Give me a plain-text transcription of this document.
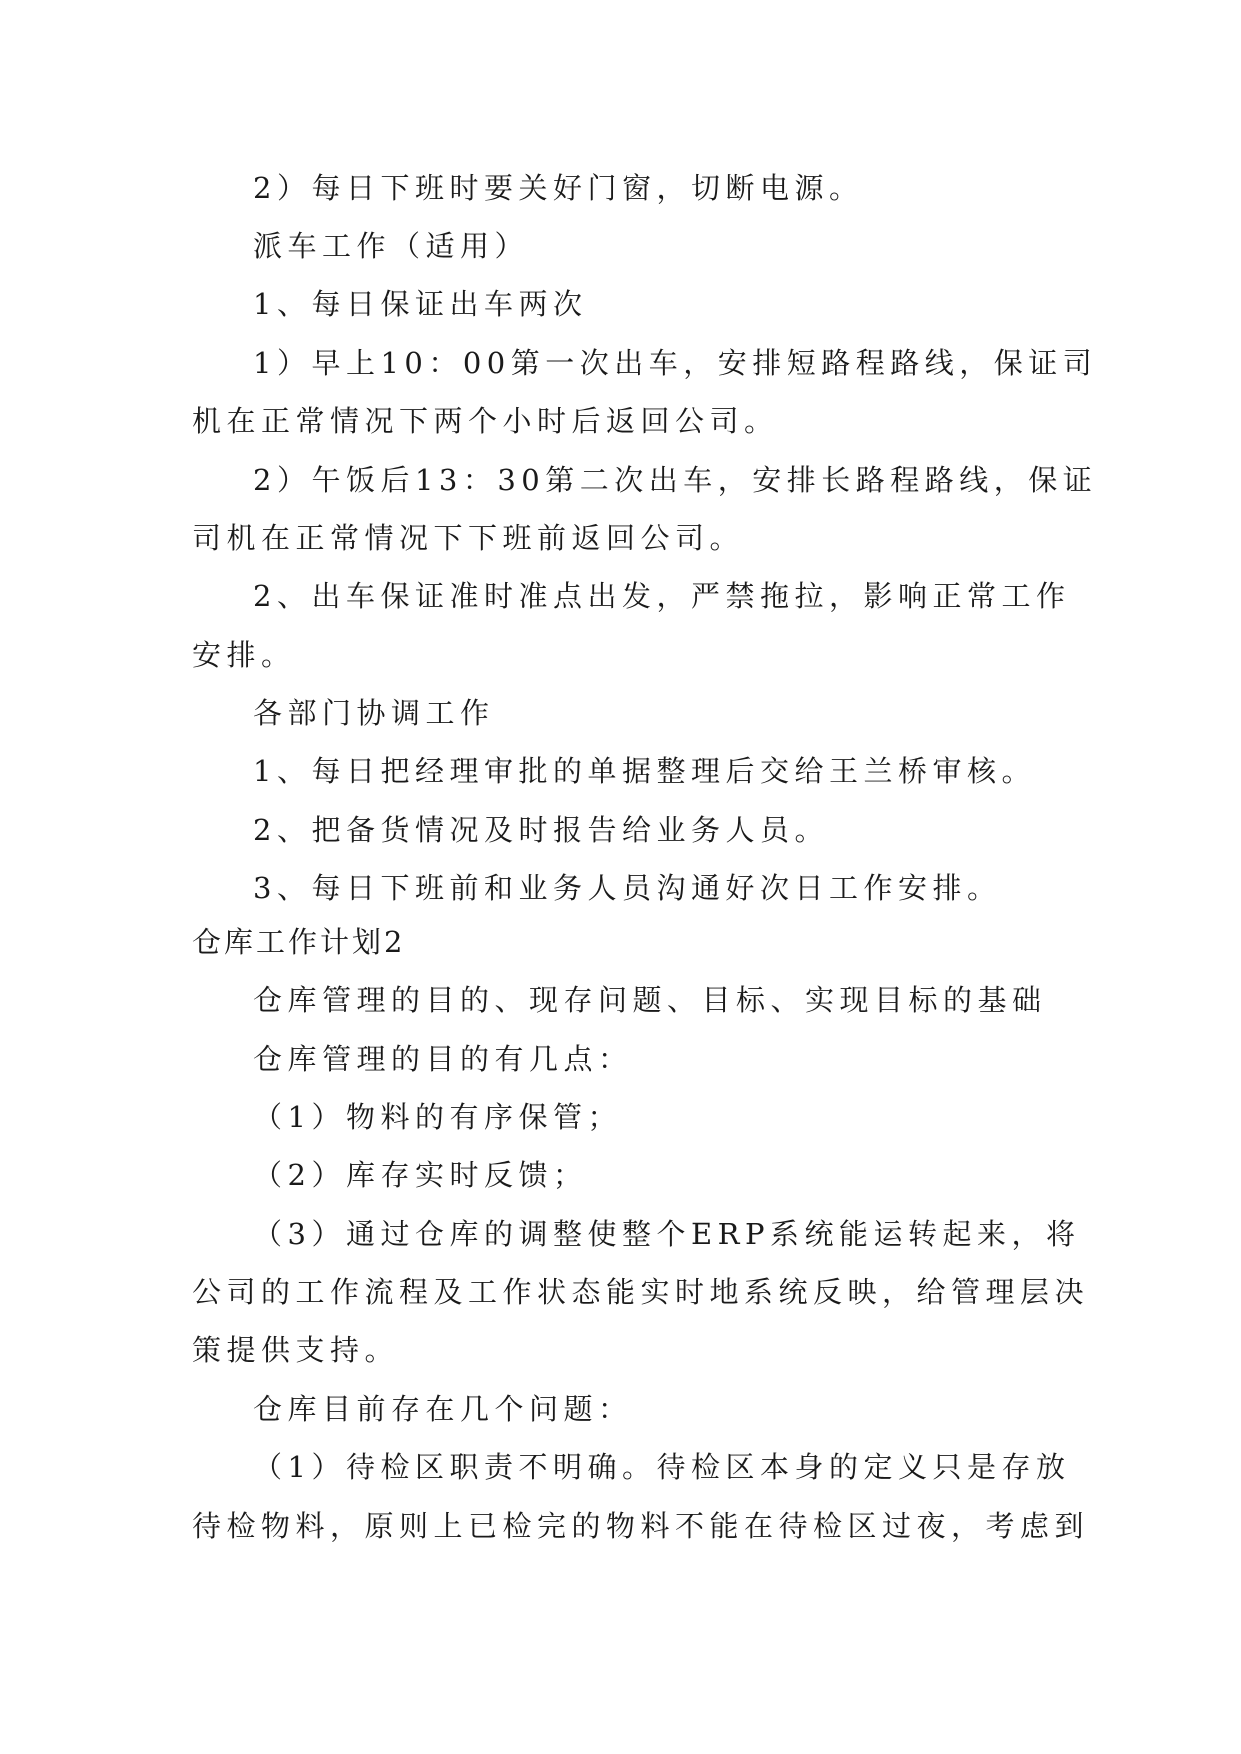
2）每日下班时要关好门窗，切断电源。
派车工作（适用）
1、每日保证出车两次
1）早上10：00第一次出车，安排短路程路线，保证司
机在正常情况下两个小时后返回公司。
2）午饭后13：30第二次出车，安排长路程路线，保证
司机在正常情况下下班前返回公司。
2、出车保证准时准点出发，严禁拖拉，影响正常工作
安排。
各部门协调工作
1、每日把经理审批的单据整理后交给王兰桥审核。
2、把备货情况及时报告给业务人员。
3、每日下班前和业务人员沟通好次日工作安排。
仓库工作计划2
仓库管理的目的、现存问题、目标、实现目标的基础
仓库管理的目的有几点：
（1）物料的有序保管；
（2）库存实时反馈；
（3）通过仓库的调整使整个ERP系统能运转起来，将
公司的工作流程及工作状态能实时地系统反映，给管理层决
策提供支持。
仓库目前存在几个问题：
（1）待检区职责不明确。待检区本身的定义只是存放
待检物料，原则上已检完的物料不能在待检区过夜，考虑到
